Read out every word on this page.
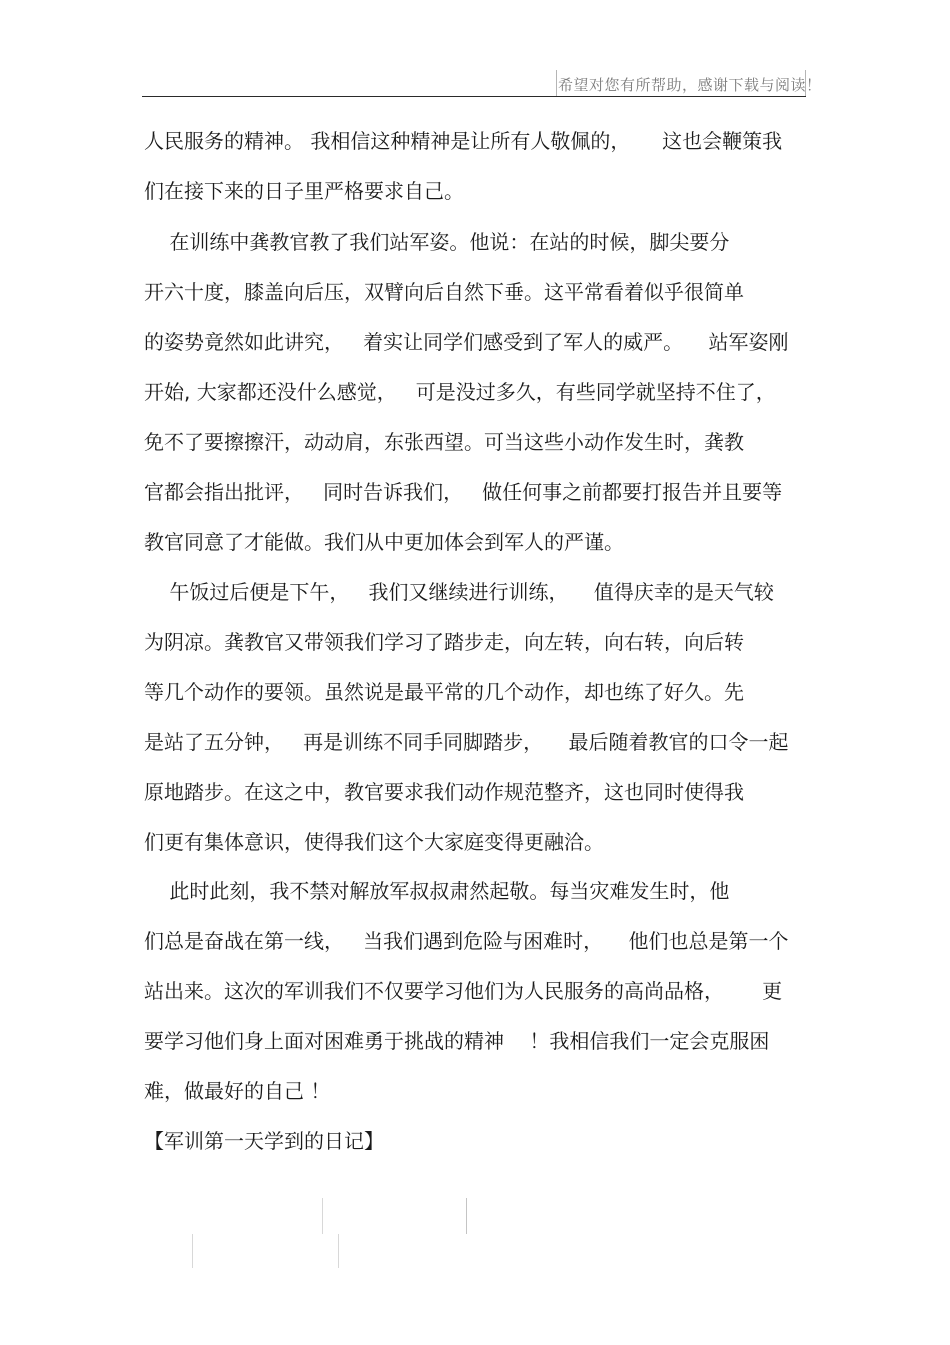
希望对您有所帮助，感谢下载与阅读！
人民服务的精神。 我相信这种精神是让所有人敬佩的，     这也会鞭策我
们在接下来的日子里严格要求自己。
在训练中龚教官教了我们站军姿。他说：在站的时候，脚尖要分
开六十度，膝盖向后压，双臂向后自然下垂。这平常看着似乎很简单
的姿势竟然如此讲究，   着实让同学们感受到了军人的威严。    站军姿刚
开始, 大家都还没什么感觉，   可是没过多久，有些同学就坚持不住了，
免不了要擦擦汗，动动肩，东张西望。可当这些小动作发生时，龚教
官都会指出批评，   同时告诉我们，   做任何事之前都要打报告并且要等
教官同意了才能做。我们从中更加体会到军人的严谨。
午饭过后便是下午，   我们又继续进行训练，    值得庆幸的是天气较
为阴凉。龚教官又带领我们学习了踏步走，向左转，向右转，向后转
等几个动作的要领。虽然说是最平常的几个动作，却也练了好久。先
是站了五分钟，   再是训练不同手同脚踏步，    最后随着教官的口令一起
原地踏步。在这之中，教官要求我们动作规范整齐，这也同时使得我
们更有集体意识，使得我们这个大家庭变得更融洽。
此时此刻，我不禁对解放军叔叔肃然起敬。每当灾难发生时，他
们总是奋战在第一线，   当我们遇到危险与困难时，    他们也总是第一个
站出来。这次的军训我们不仅要学习他们为人民服务的高尚品格，      更
要学习他们身上面对困难勇于挑战的精神    ！我相信我们一定会克服困
难，做最好的自己 ！
【军训第一天学到的日记】
